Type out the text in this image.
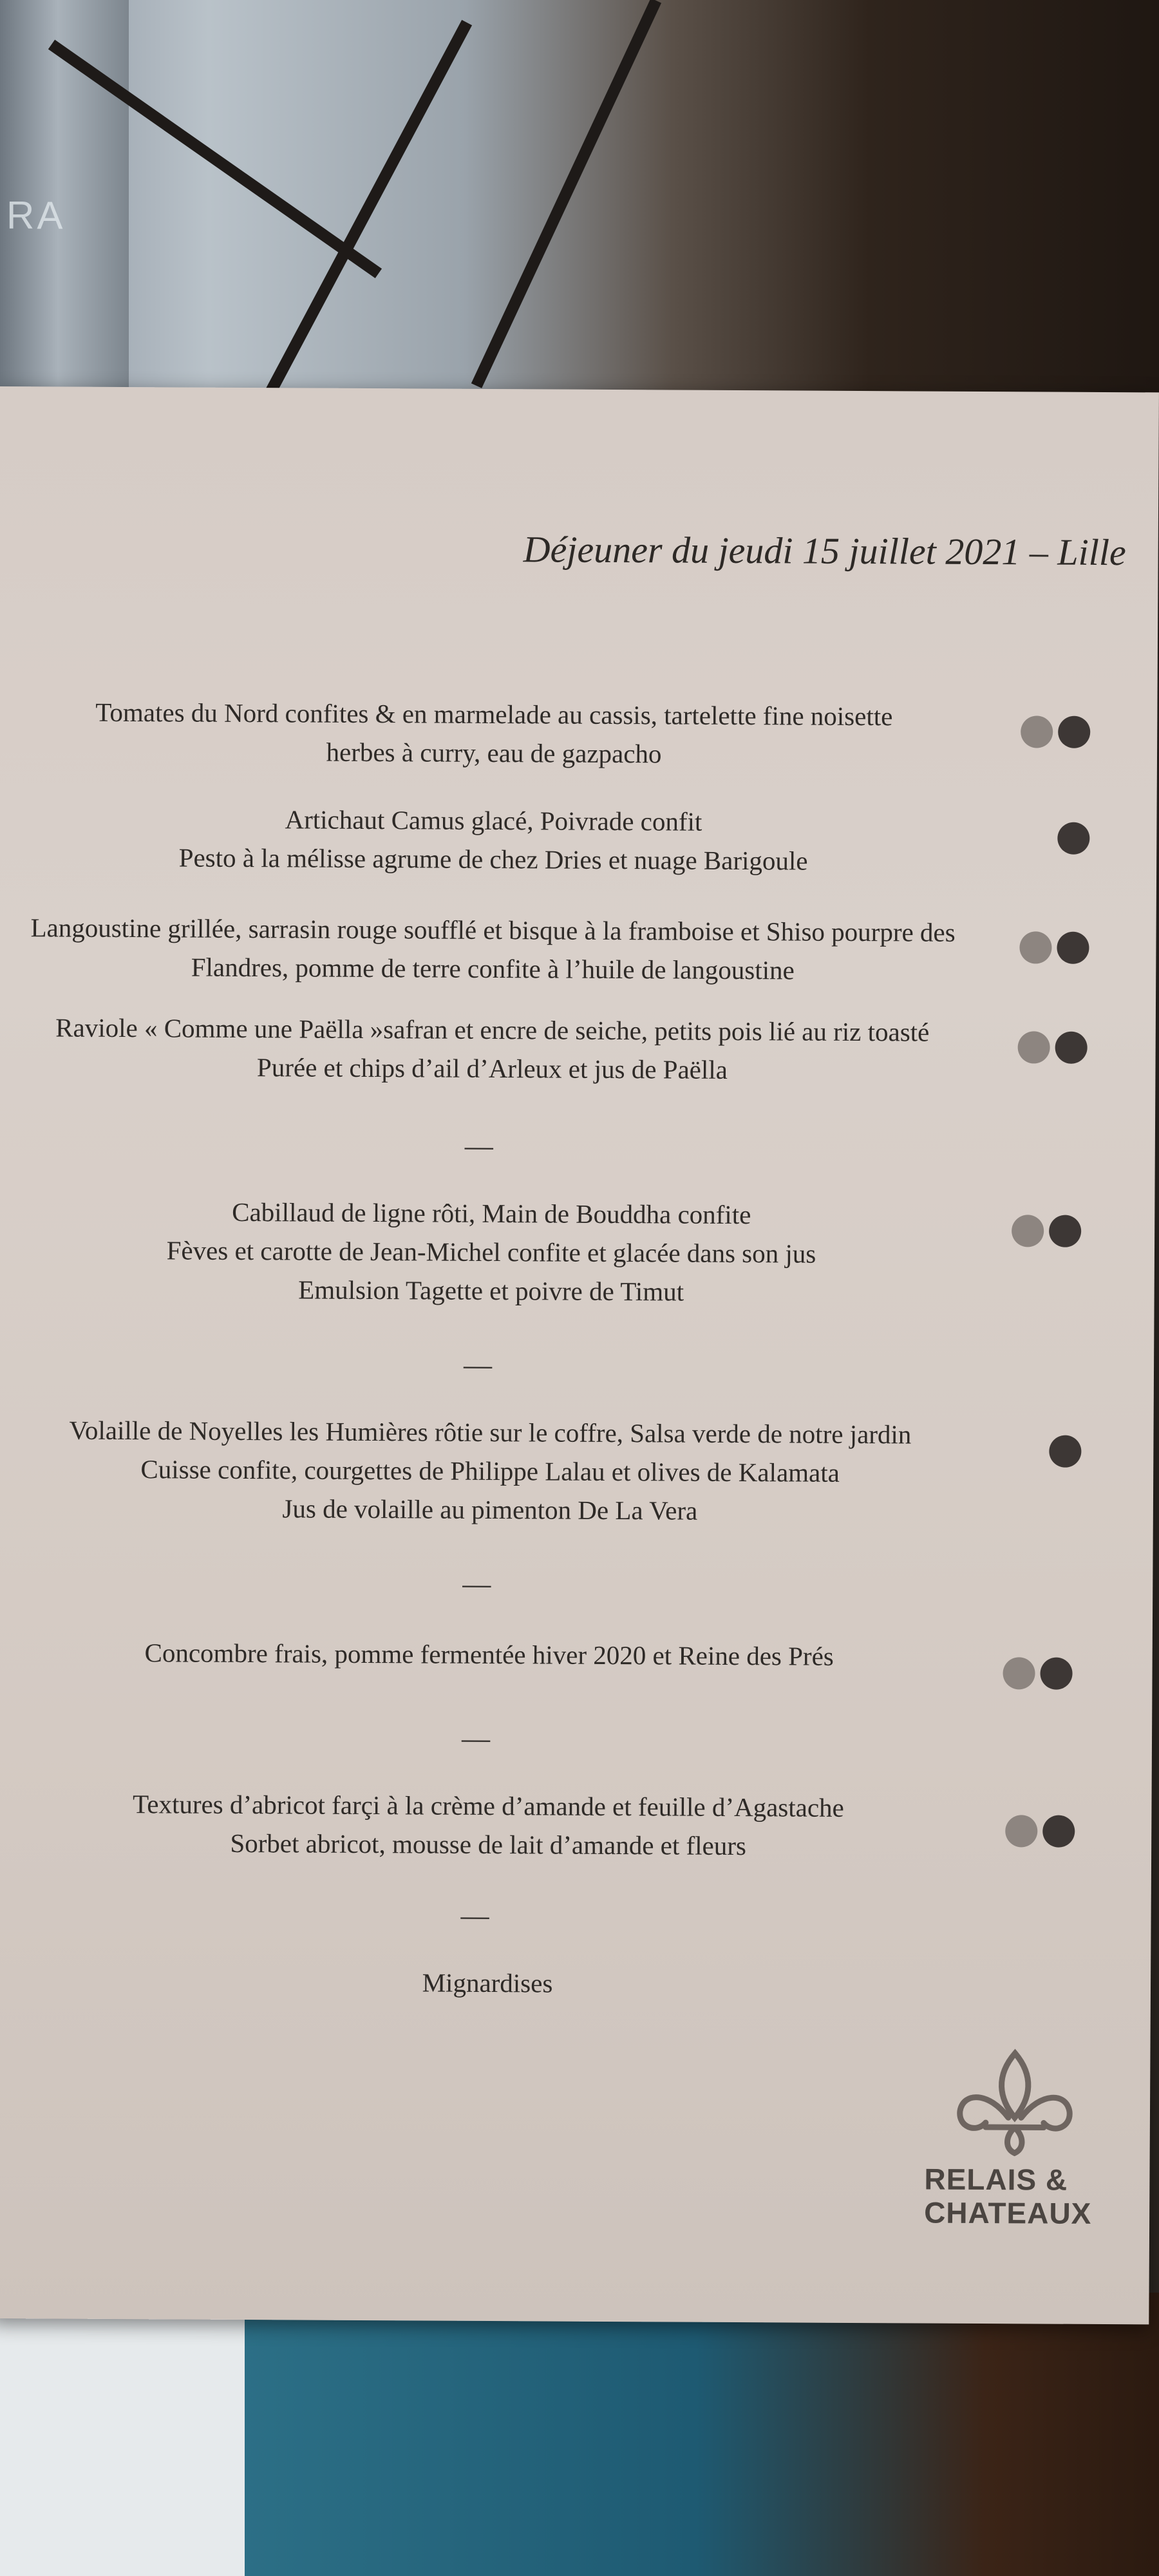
RA
Déjeuner du jeudi 15 juillet 2021 – Lille
Tomates du Nord confites & en marmelade au cassis, tartelette fine noisette
herbes à curry, eau de gazpacho
Artichaut Camus glacé, Poivrade confit
Pesto à la mélisse agrume de chez Dries et nuage Barigoule
Langoustine grillée, sarrasin rouge soufflé et bisque à la framboise et Shiso pourpre des
Flandres, pomme de terre confite à l’huile de langoustine
Raviole « Comme une Paëlla »safran et encre de seiche, petits pois lié au riz toasté
Purée et chips d’ail d’Arleux et jus de Paëlla
—
Cabillaud de ligne rôti, Main de Bouddha confite
Fèves et carotte de Jean-Michel confite et glacée dans son jus
Emulsion Tagette et poivre de Timut
—
Volaille de Noyelles les Humières rôtie sur le coffre, Salsa verde de notre jardin
Cuisse confite, courgettes de Philippe Lalau et olives de Kalamata
Jus de volaille au pimenton De La Vera
—
Concombre frais, pomme fermentée hiver 2020 et Reine des Prés
—
Textures d’abricot farçi à la crème d’amande et feuille d’Agastache
Sorbet abricot, mousse de lait d’amande et fleurs
—
Mignardises
RELAIS &
CHATEAUX
